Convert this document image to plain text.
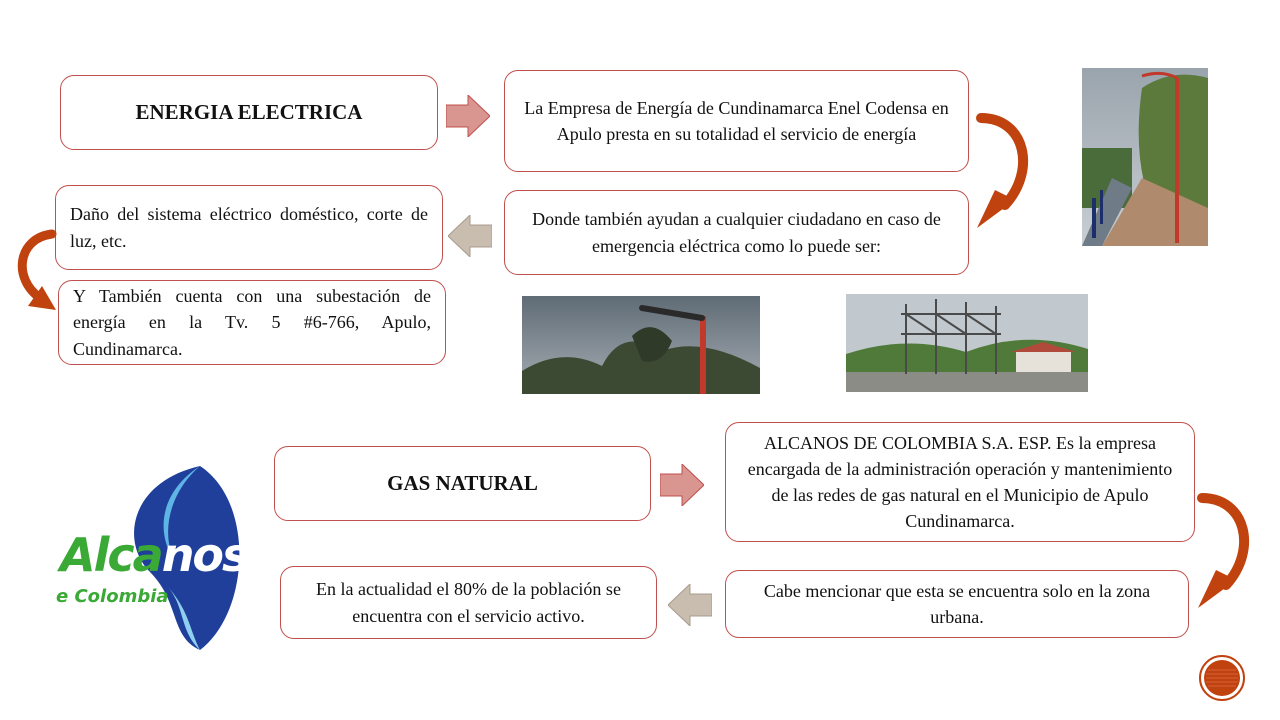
ENERGIA ELECTRICA	La Empresa de Energía de Cundinamarca Enel Codensa en Apulo presta en su totalidad el servicio de energía
Donde también ayudan a cualquier ciudadano en caso de emergencia eléctrica como lo puede ser:
Daño del sistema eléctrico doméstico, corte de luz, etc.
Y También cuenta con una subestación de energía en la Tv. 5 #6-766, Apulo, Cundinamarca.
Alcanos
e Colombia
GAS NATURAL
ALCANOS DE COLOMBIA S.A. ESP. Es la empresa encargada de la administración operación y mantenimiento de las redes de gas natural en el Municipio de Apulo Cundinamarca.
Cabe mencionar que esta se encuentra solo en la zona urbana.
En la actualidad el 80% de la población se encuentra con el servicio activo.
